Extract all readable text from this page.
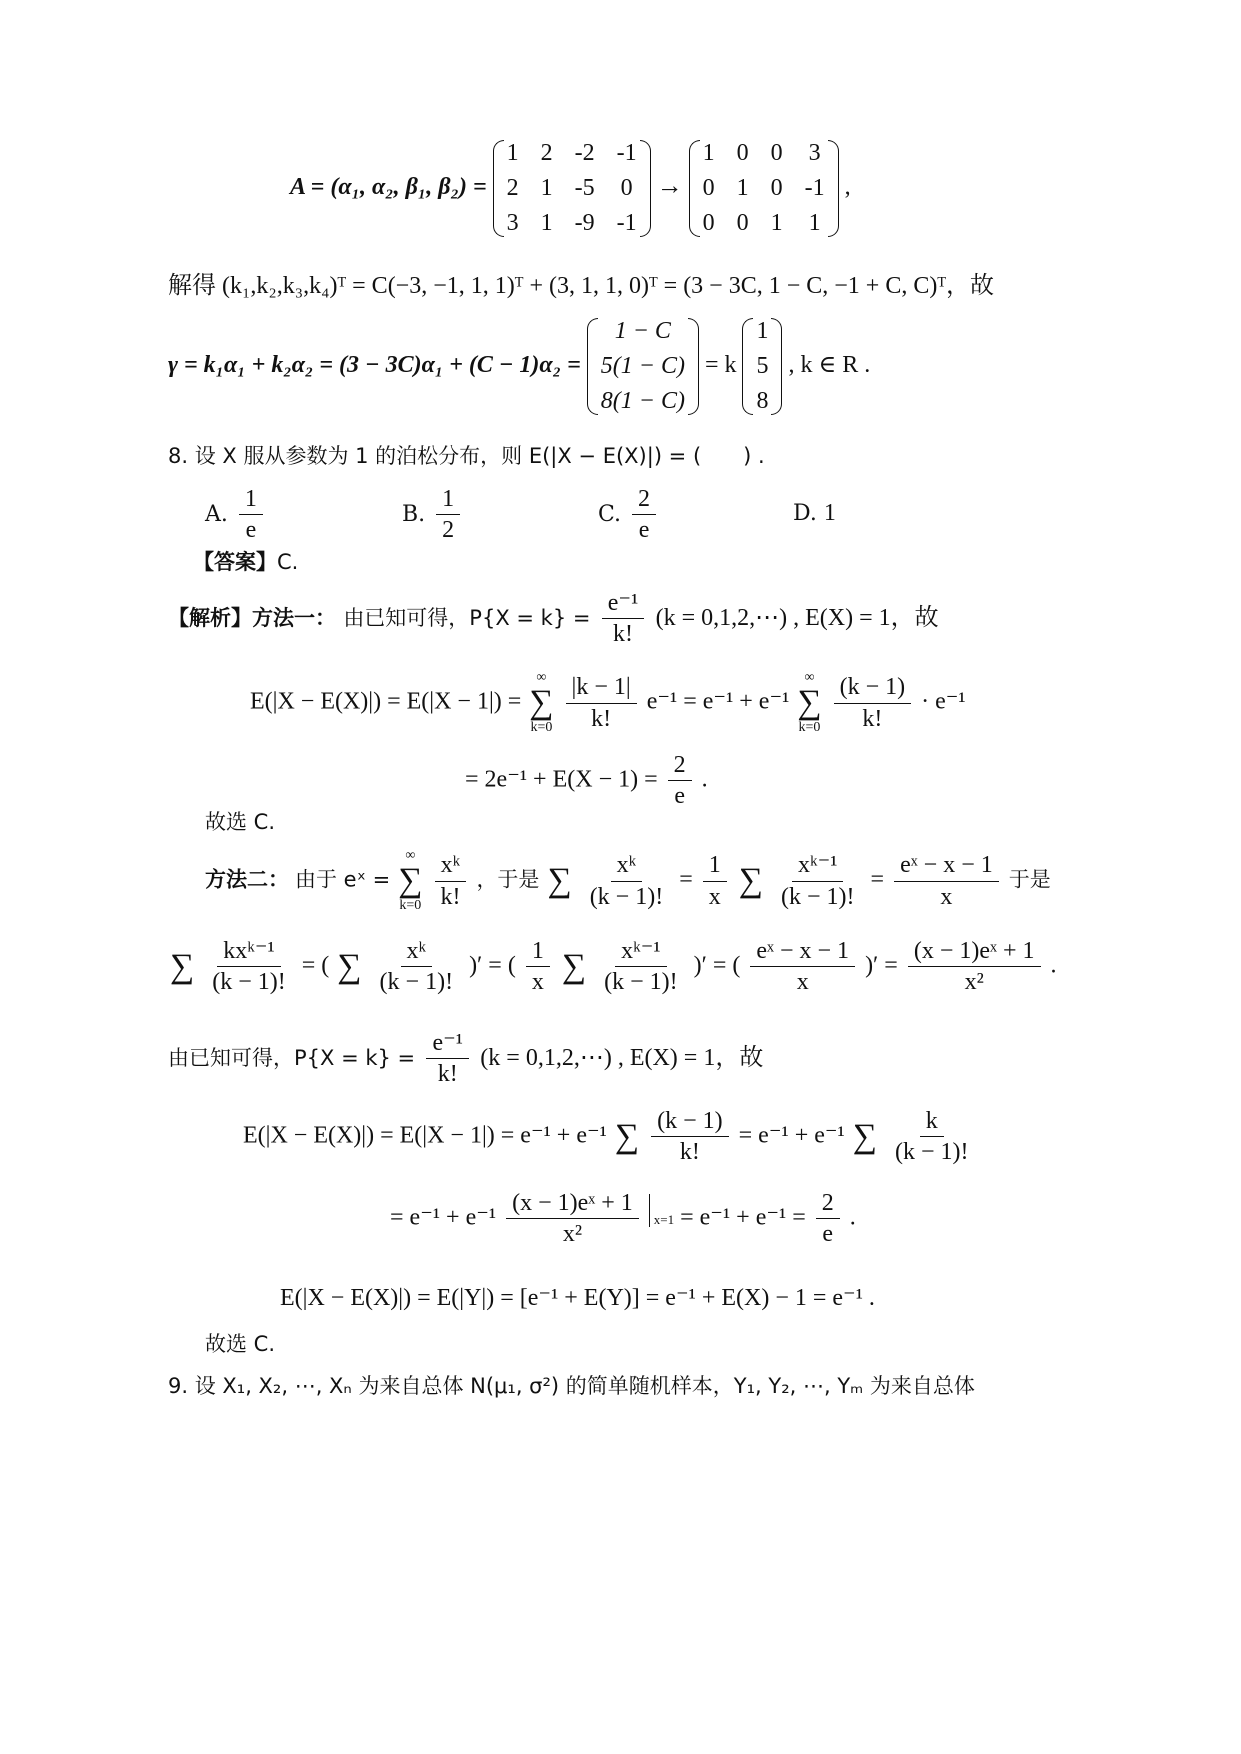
A = (α₁, α₂, β₁, β₂) =
1 2 -2 -1
2 1 -5 0
3 1 -9 -1
→
1 0 0 3
0 1 0 -1
0 0 1 1
,
解得 (k₁,k₂,k₃,k₄)ᵀ = C(−3, −1, 1, 1)ᵀ + (3, 1, 1, 0)ᵀ = (3 − 3C, 1 − C, −1 + C, C)ᵀ，故
γ = k₁α₁ + k₂α₂ = (3 − 3C)α₁ + (C − 1)α₂ =
1 − C
5(1 − C)
8(1 − C)
= k
1
5
8
, k ∈ R .
8. 设 X 服从参数为 1 的泊松分布，则 E(|X − E(X)|) = (　　) .
A. $\frac{1}{e}$	B. $\frac{1}{2}$	C. $\frac{2}{e}$	D. 1
【答案】C.
【解析】方法一： 由已知可得，$P\{X = k\} = \frac{\text{e⁻¹}}{k!} (k$ = 0,1,2,⋯) , E(X) = 1，故
E(|X − E(X)|) = E(|X − 1|) =
∞
∑
k=0
$\frac{|k - 1|}{k!} e^{-1} = e^{-1} + e^{-1}$
∞
∑
k=0
$\frac{(k - 1)}{k!} \cdot e^{-1}$
= $2e^{-1} + E(X - 1) = \frac{2}{e}$ .
故选 C.
方法二： 由于 eˣ =
∞
∑
k=0
$\frac{\text{xᵏ}}{k!}$ ，于是 ∑
$\frac{\text{xᵏ}}{(k - 1)!} = \frac{1}{x}$
∑
$\frac{\text{xᵏ⁻¹}}{(k - 1)!} = \frac{\text{eˣ − x − 1}}{x}$ 于是
∑
$\frac{\text{kxᵏ⁻¹}}{(k - 1)!}$ = ( ∑
$\frac{\text{xᵏ}}{(k - 1)!}$ )′ = ( $\frac{1}{x}$
∑
$\frac{\text{xᵏ⁻¹}}{(k - 1)!}$ )′ = ( $\frac{\text{eˣ − x − 1}}{x}$ )′ = $\frac{\text{(x − 1)eˣ + 1}}{\text{x²}}$ .
由已知可得，$P\{X = k\} = \frac{\text{e⁻¹}}{k!} (k$ = 0,1,2,⋯) , E(X) = 1，故
E(|X − E(X)|) = E(|X − 1|) = e⁻¹ + e⁻¹ ∑
$\frac{(k - 1)}{k!} = e^{-1} + e^{-1}$ ∑
$\frac{k}{(k - 1)!}$
= $e^{-1} + e^{-1} \frac{\text{(x − 1)eˣ + 1}}{\text{x²}} x=1 = e^{-1} + e^{-1} = \frac{2}{e}$ .
E(|X − E(X)|) = E(|Y|) = [e⁻¹ + E(Y)] = e⁻¹ + E(X) − 1 = e⁻¹ .
故选 C.
9. 设 X₁, X₂, ⋯, Xₙ 为来自总体 N(μ₁, σ²) 的简单随机样本，Y₁, Y₂, ⋯, Yₘ 为来自总体
